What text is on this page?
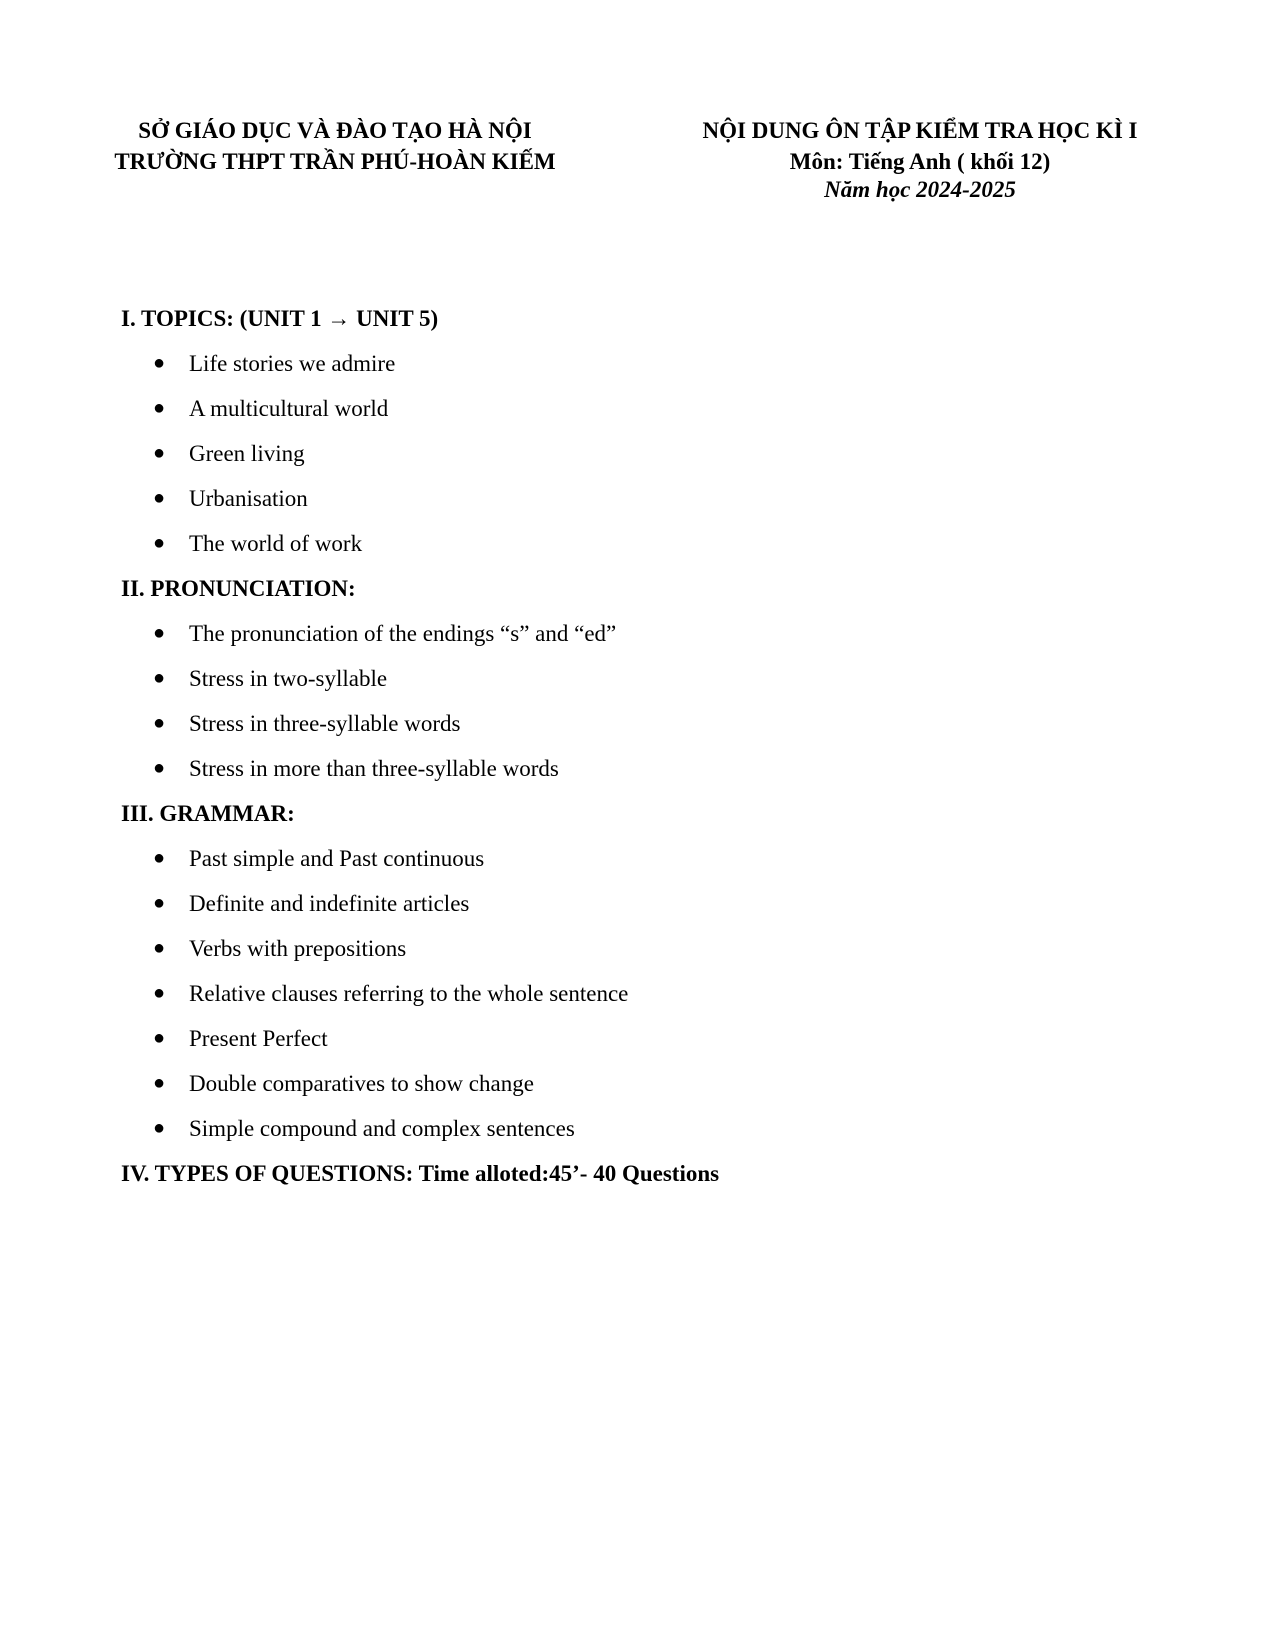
SỞ GIÁO DỤC VÀ ĐÀO TẠO HÀ NỘI
TRƯỜNG THPT TRẦN PHÚ-HOÀN KIẾM
NỘI DUNG ÔN TẬP KIỂM TRA HỌC KÌ I
Môn: Tiếng Anh ( khối 12)
Năm học 2024-2025
I. TOPICS: (UNIT 1 → UNIT 5)
● Life stories we admire
● A multicultural world
● Green living
● Urbanisation
● The world of work
II. PRONUNCIATION:
● The pronunciation of the endings “s” and “ed”
● Stress in two-syllable
● Stress in three-syllable words
● Stress in more than three-syllable words
III. GRAMMAR:
● Past simple and Past continuous
● Definite and indefinite articles
● Verbs with prepositions
● Relative clauses referring to the whole sentence
● Present Perfect
● Double comparatives to show change
● Simple compound and complex sentences
IV. TYPES OF QUESTIONS: Time alloted:45’- 40 Questions
